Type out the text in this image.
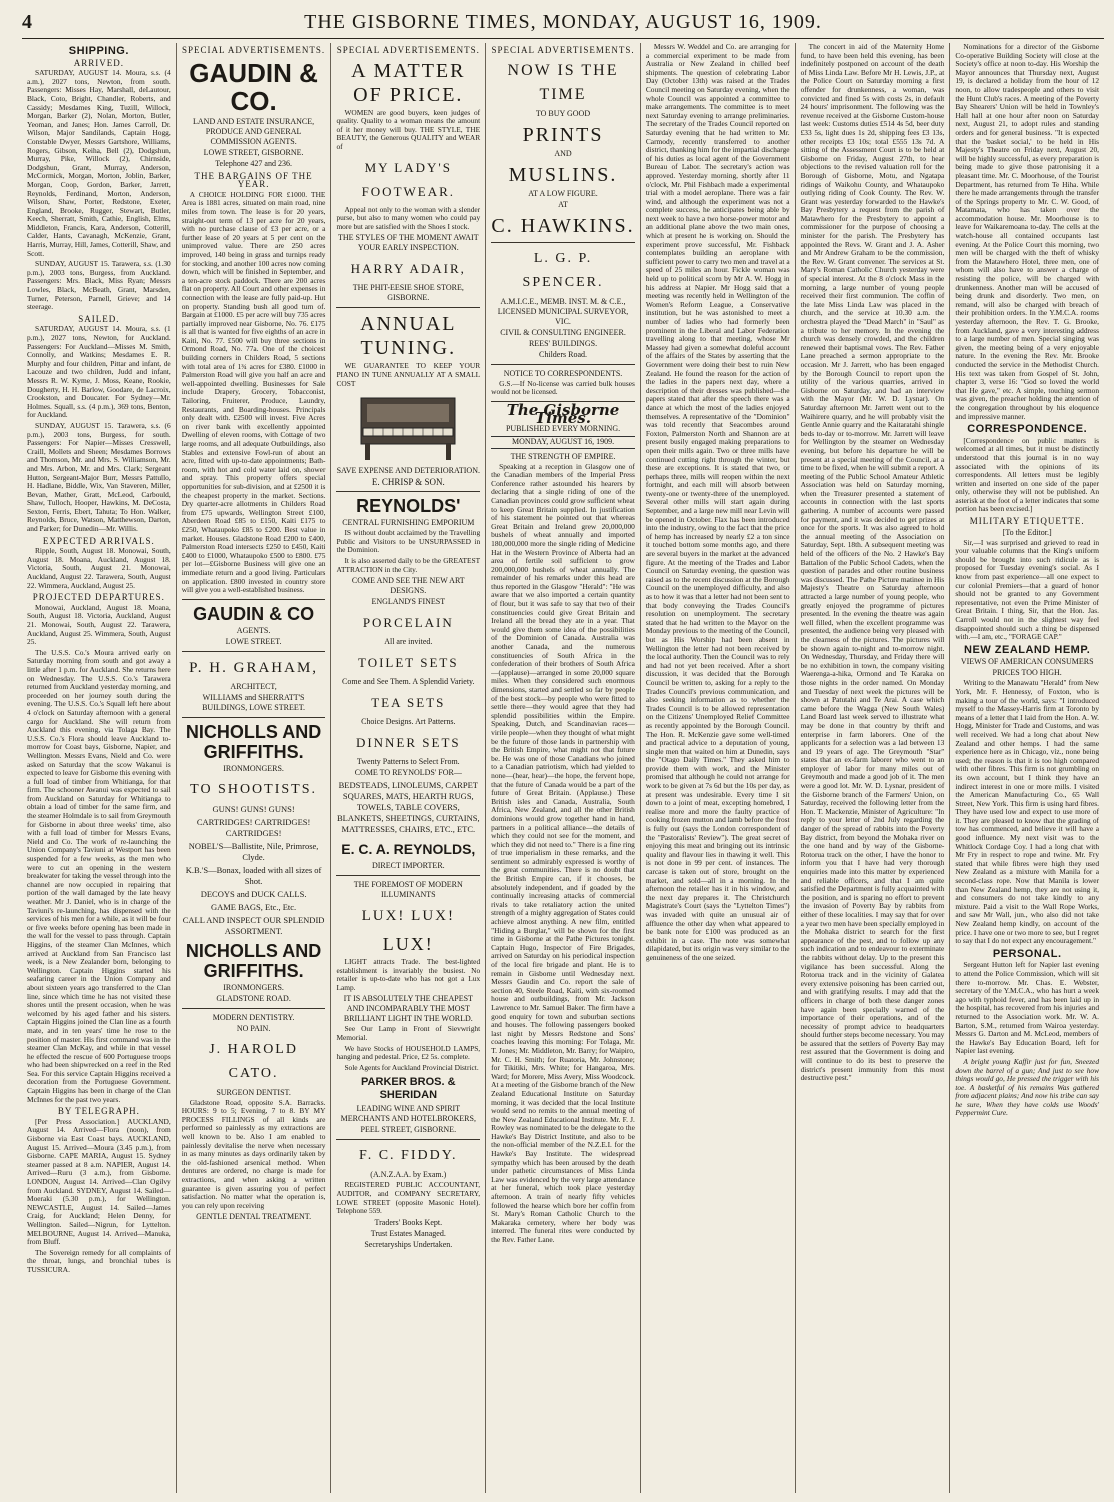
4	THE GISBORNE TIMES, MONDAY, AUGUST 16, 1909.
SHIPPING.
ARRIVED.

SATURDAY, AUGUST 14. Moura, s.s. (4 a.m.), 2027 tons, Newton, from south. Passengers: Misses Hay, Marshall, deLautour, Black, Coto, Bright, Chandler, Roberts, and Cassidy; Mesdames King, Tuzill, Willock, Morgan, Barker (2), Nolan, Morton, Butler, Yeoman, and Janes; Hon. James Carroll, Dr. Wilson, Major Sandilands, Captain Hogg, Constable Dwyer, Messrs Gartshore, Williams, Rogers, Gibson, Keiha, Bell (2), Dodgshun, Murray, Pike, Willock (2), Chirnside, Dodgshun, Grant, Murray, Anderson, McCormick, Morgan, Morton, Joblin, Barker, Morgan, Coop, Gordon, Barker, Jarrett, Reynolds, Ferdinand, Morton, Anderson, Wilson, Shaw, Porter, Redstone, Exeter, England, Brooke, Rugger, Stewart, Butler, Keech, Sherratt, Smith, Cathie, English, Elms, Middleton, Francis, Kara, Anderson, Cotterill, Calder, Hants, Cavanagh, McKenzie, Grant, Harris, Murray, Hill, James, Cotterill, Shaw, and Scott.

SUNDAY, AUGUST 15. Tarawera, s.s. (1.30 p.m.), 2003 tons, Burgess, from Auckland. Passengers: Mrs. Black, Miss Ryan; Messrs Lowles, Black, McBeath, Grant, Marsden, Turner, Peterson, Parnell, Grieve; and 14 steerage.

SAILED.

SATURDAY, AUGUST 14. Moura, s.s. (1 p.m.), 2027 tons, Newton, for Auckland. Passengers: For Auckland—Misses M. Smith, Connolly, and Watkins; Mesdames E. R. Murphy and four children, Pittar and infant, de Lacouze and two children, Judd and infant, Messrs R. W. Kyme, J. Moss, Keane, Rookie, Dougherty, H. H. Barlow, Goodare, de Lacroix, Crookston, and Doucater. For Sydney—Mr. Holmes. Squall, s.s. (4 p.m.), 369 tons, Benton, for Auckland.

SUNDAY, AUGUST 15. Tarawera, s.s. (6 p.m.), 2003 tons, Burgess, for south. Passengers: For Napier—Misses Cresswell, Craill, Mollets and Sheen; Mesdames Borrows and Thomson, Mr. and Mrs. S. Williamson, Mr. and Mrs. Arbon, Mr. and Mrs. Clark; Sergeant Hutton, Sergeant-Major Burr, Messrs Pattullo, H. Hadlane, Biddle, Wix, Van Staveren, Miller, Bevan, Mather, Gratt, McLeod, Carbould, Shaw, Tulloch, Hooper, Hawkins, M. DeCosta, Sexton, Ferris, Ebert, Tahuta; To Hon. Walker, Reynolds, Bruce, Watson, Matthewson, Darton, and Parker; for Dunedin—Mr. Willis.

EXPECTED ARRIVALS.

Ripple, South, August 18. Monowai, South, August 18. Moana, Auckland, August 18. Victoria, South, August 21. Monowai, Auckland, August 22. Tarawera, South, August 22. Wimmera, Auckland, August 25.

PROJECTED DEPARTURES.

Monowai, Auckland, August 18. Moana, South, August 18. Victoria, Auckland, August 21. Monowai, South, August 22. Tarawera, Auckland, August 25. Wimmera, South, August 25.

The U.S.S. Co.'s Moura arrived early on Saturday morning from south and got away a little after 1 p.m. for Auckland. She returns here on Wednesday. The U.S.S. Co.'s Tarawera returned from Auckland yesterday morning, and proceeded on her journey south during the evening. The U.S.S. Co.'s Squall left here about 4 o'clock on Saturday afternoon with a general cargo for Auckland. She will return from Auckland this evening, via Tolaga Bay. The U.S.S. Co.'s Flora should leave Auckland to-morrow for Coast bays, Gisborne, Napier, and Wellington. Messrs Evans, Nield and Co. were asked on Saturday that the scow Wakanui is expected to leave for Gisborne this evening with a full load of timber from Whitianga, for that firm. The schooner Awanui was expected to sail from Auckland on Saturday for Whitianga to obtain a load of timber for the same firm, and the steamer Holmdale is to sail from Greymouth for Gisborne in about three weeks' time, also with a full load of timber for Messrs Evans, Nield and Co. The work of re-launching the Union Company's Taviuni at Westport has been suspended for a few weeks, as the men who were to cut an opening in the western breakwater for taking the vessel through into the channel are now occupied in repairing that portion of the wall damaged by the late heavy weather. Mr J. Daniel, who is in charge of the Taviuni's re-launching, has dispensed with the services of his men for a while, as it will be four or five weeks before opening has been made in the wall for the vessel to pass through. Captain Higgins, of the steamer Clan McInnes, which arrived at Auckland from San Francisco last week, is a New Zealander born, belonging to Wellington. Captain Higgins started his seafaring career in the Union Company and about sixteen years ago transferred to the Clan line, since which time he has not visited these shores until the present occasion, when he was welcomed by his aged father and his sisters. Captain Higgins joined the Clan line as a fourth mate, and in ten years' time he rose to the position of master. His first command was in the steamer Clan McKay, and while in that vessel he effected the rescue of 600 Portuguese troops who had been shipwrecked on a reef in the Red Sea. For this service Captain Higgins received a decoration from the Portuguese Government. Captain Higgins has been in charge of the Clan McInnes for the past two years.

BY TELEGRAPH.

[Per Press Association.] AUCKLAND, August 14. Arrived—Flora (noon), from Gisborne via East Coast bays. AUCKLAND, August 15. Arrived—Moura (3.45 p.m.), from Gisborne. CAPE MARIA, August 15. Sydney steamer passed at 8 a.m. NAPIER, August 14. Arrived—Ruru (3 a.m.), from Gisborne. LONDON, August 14. Arrived—Clan Ogilvy from Auckland. SYDNEY, August 14. Sailed—Moeraki (5.30 p.m.), for Wellington. NEWCASTLE, August 14. Sailed—James Craig, for Auckland; Helen Denny, for Wellington. Sailed—Nigrun, for Lyttelton. MELBOURNE, August 14. Arrived—Manuka, from Bluff.

The Sovereign remedy for all complaints of the throat, lungs, and bronchial tubes is TUSSICURA.

SPECIAL ADVERTISEMENTS.
GAUDIN & CO.
LAND AND ESTATE INSURANCE, PRODUCE AND GENERAL COMMISSION AGENTS.
LOWE STREET, GISBORNE.
Telephone 427 and 236.
THE BARGAINS OF THE YEAR.

A CHOICE HOLDING FOR £1000. THE Area is 1881 acres, situated on main road, nine miles from town. The lease is for 20 years, straight-out term of 13 per acre for 20 years, with no purchase clause of £3 per acre, or a further lease of 20 years at 5 per cent on the unimproved value. There are 250 acres improved, 140 being in grass and turnips ready for stocking, and another 100 acres now coming down, which will be finished in September, and a ten-acre stock paddock. There are 200 acres flat on property. All Court and other expenses in connection with the lease are fully paid-up. Hut on property. Standing bush all good turn of. Bargain at £1000. £5 per acre will buy 735 acres partially improved near Gisborne, No. 76. £175 is all that is wanted for five eighths of an acre in Kaiti, No. 77. £500 will buy three sections in Ormond Road, No. 77a. One of the choicest building corners in Childers Road, 5 sections with total area of 1¾ acres for £380. £1000 in Palmerston Road will give you half an acre and well-appointed dwelling. Businesses for Sale include Drapery, Grocery, Tobacconist, Tailoring, Fruiterer, Produce, Laundry, Restaurants, and Boarding-houses. Principals only dealt with. £2500 will invest. Five Acres on river bank with excellently appointed Dwelling of eleven rooms, with Cottage of two large rooms, and all adequate Outbuildings, also Stables and extensive Fowl-run of about an acre, fitted with up-to-date appointments; Bath-room, with hot and cold water laid on, shower and spray. This property offers special opportunities for sub-division, and at £2500 it is the cheapest property in the market. Sections. Dry quarter-acre allotments in Childers Road from £75 upwards, Wellington Street £100, Aberdeen Road £85 to £150, Kaiti £175 to £250, Whataupoko £85 to £200. Best value in market. Houses. Gladstone Road £200 to £400, Palmerston Road intersects £250 to £450, Kaiti £400 to £1000, Whataupoko £500 to £800. £75 per lot—£Gisborne Business will give one an immediate return and a good living. Particulars on application. £800 invested in country store will give you a well-established business.

GAUDIN & CO
AGENTS.
LOWE STREET.
P. H. GRAHAM,
ARCHITECT,
WILLIAMS and SHERRATT'S BUILDINGS, LOWE STREET.
NICHOLLS AND GRIFFITHS.
IRONMONGERS.
TO SHOOTISTS.
GUNS! GUNS! GUNS!
CARTRIDGES! CARTRIDGES! CARTRIDGES!
NOBEL'S—Ballistite, Nile, Primrose, Clyde.
K.B.'S—Bonax, loaded with all sizes of Shot.
DECOYS and DUCK CALLS.
GAME BAGS, Etc., Etc.
CALL AND INSPECT OUR SPLENDID ASSORTMENT.
NICHOLLS AND GRIFFITHS.
IRONMONGERS.
GLADSTONE ROAD.
MODERN DENTISTRY.
NO PAIN.
J. HAROLD CATO.
SURGEON DENTIST.

Gladstone Road, opposite S.A. Barracks. HOURS: 9 to 5; Evening, 7 to 8. BY MY PROCESS FILLINGS of all kinds are performed so painlessly as my extractions are well known to be. Also I am enabled to painlessly devitalise the nerve when necessary in as many minutes as days ordinarily taken by the old-fashioned arsenical method. When dentures are ordered, no charge is made for extractions, and when asking a written guarantee is given assuring you of perfect satisfaction. No matter what the operation is, you can rely upon receiving

GENTLE DENTAL TREATMENT.
SPECIAL ADVERTISEMENTS.
A MATTER OF PRICE.

WOMEN are good buyers, keen judges of quality. Quality to a woman means the amount of it her money will buy. THE STYLE, THE BEAUTY, the Generous QUALITY and WEAR of

MY LADY'S FOOTWEAR.

Appeal not only to the woman with a slender purse, but also to many women who could pay more but are satisfied with the Shoes I stock.

THE STYLES OF THE MOMENT AWAIT YOUR EARLY INSPECTION.
HARRY ADAIR,
THE PHIT-EESIE SHOE STORE, GISBORNE.
ANNUAL TUNING.

WE GUARANTEE TO KEEP YOUR PIANO IN TUNE ANNUALLY AT A SMALL COST

SAVE EXPENSE AND DETERIORATION.
E. CHRISP & SON.
REYNOLDS'
CENTRAL FURNISHING EMPORIUM

IS without doubt acclaimed by the Travelling Public and Visitors to be UNSURPASSED in the Dominion.

It is also asserted daily to be the GREATEST ATTRACTION in the City.

COME AND SEE THE NEW ART DESIGNS.
ENGLAND'S FINEST
PORCELAIN
All are invited.
TOILET SETS
Come and See Them. A Splendid Variety.
TEA SETS
Choice Designs. Art Patterns.
DINNER SETS
Twenty Patterns to Select From.
COME TO REYNOLDS' FOR—
BEDSTEADS, LINOLEUMS, CARPET SQUARES, MATS, HEARTH RUGS, TOWELS, TABLE COVERS, BLANKETS, SHEETINGS, CURTAINS, MATTRESSES, CHAIRS, ETC., ETC.
E. C. A. REYNOLDS,
DIRECT IMPORTER.
THE FOREMOST OF MODERN ILLUMINANTS
LUX! LUX!
LUX!

LIGHT attracts Trade. The best-lighted establishment is invariably the busiest. No retailer is up-to-date who has not got a Lux Lamp.

IT IS ABSOLUTELY THE CHEAPEST AND INCOMPARABLY THE MOST BRILLIANT LIGHT IN THE WORLD.

See Our Lamp in Front of Sievwright Memorial.

We have Stocks of HOUSEHOLD LAMPS, hanging and pedestal. Price, £2 5s. complete.

Sole Agents for Auckland Provincial District.

PARKER BROS. & SHERIDAN
LEADING WINE AND SPIRIT MERCHANTS AND HOTELBROKERS,
PEEL STREET, GISBORNE.
F. C. FIDDY.
(A.N.Z.A.A. by Exam.)

REGISTERED PUBLIC ACCOUNTANT, AUDITOR, and COMPANY SECRETARY, LOWE STREET (opposite Masonic Hotel). Telephone 559.

Traders' Books Kept.
Trust Estates Managed.
Secretaryships Undertaken.
SPECIAL ADVERTISEMENTS.
NOW IS THE TIME
TO BUY GOOD
PRINTS
AND
MUSLINS.
AT A LOW FIGURE.
AT
C. HAWKINS.
L. G. P. SPENCER.
A.M.I.C.E., MEMB. INST. M. & C.E., LICENSED MUNICIPAL SURVEYOR, VIC.
CIVIL & CONSULTING ENGINEER.
REES' BUILDINGS.
Childers Road.
NOTICE TO CORRESPONDENTS.

G.S.—If No-license was carried bulk houses would not be licensed.

The Gisborne Times.
PUBLISHED EVERY MORNING.
MONDAY, AUGUST 16, 1909.
THE STRENGTH OF EMPIRE.

Speaking at a reception in Glasgow one of the Canadian members of the Imperial Press Conference rather astounded his hearers by declaring that a single riding of one of the Canadian provinces could grow sufficient wheat to keep Great Britain supplied. In justification of his statement he pointed out that whereas Great Britain and Ireland grew 20,000,000 bushels of wheat annually and imported 180,000,000 more the single riding of Medicine Hat in the Western Province of Alberta had an area of fertile soil sufficient to grow 200,000,000 bushels of wheat annually. The remainder of his remarks under this head are thus reported in the Glasgow "Herald": "He was aware that we also imported a certain quantity of flour, but it was safe to say that two of their constituencies could give Great Britain and Ireland all the bread they ate in a year. That would give them some idea of the possibilities of the Dominion of Canada. Australia was another Canada, and the numerous constituencies of South Africa in the confederation of their brothers of South Africa—(applause)—arranged in some 20,000 square miles. When they considered such enormous dimensions, started and settled so far by people of the best stock—by people who were fitted to settle there—they would agree that they had splendid possibilities within the Empire. Speaking, Dutch, and Scandinavian races—virile people—when they thought of what might be the future of those lands in partnership with the British Empire, what might not that future be. He was one of those Canadians who joined to a Canadian patriotism, which had yielded to none—(hear, hear)—the hope, the fervent hope, that the future of Canada would be a part of the future of Great Britain. (Applause.) These British isles and Canada, Australia, South Africa, New Zealand, and all the other British dominions would grow together hand in hand, partners in a political alliance—the details of which they could not see for the moment, and which they did not need to." There is a fine ring of true imperialism in these remarks, and the sentiment so admirably expressed is worthy of the great communities. There is no doubt that the British Empire can, if it chooses, be absolutely independent, and if goaded by the continually increasing attacks of commercial rivals to take retaliatory action the united strength of a mighty aggregation of States could achieve almost anything. A new film, entitled "Hiding a Burglar," will be shown for the first time in Gisborne at the Pathe Pictures tonight. Captain Hugo, Inspector of Fire Brigades, arrived on Saturday on his periodical inspection of the local fire brigade and plant. He is to remain in Gisborne until Wednesday next. Messrs Gaudin and Co. report the sale of section 40, Steele Road, Kaiti, with six-roomed house and outbuildings, from Mr. Jackson Lawrence to Mr. Samuel Baker. The firm have a good enquiry for town and suburban sections and houses. The following passengers booked last night by Messrs Redstone and Sons' coaches leaving this morning: For Tolaga, Mr. T. Jones; Mr. Middleton, Mr. Barry; for Waipiro, Mr. C. H. Smith; for Ruatoria, Mr. Johnstone; for Tikitiki, Mrs. White; for Hangaroa, Mrs. Ward; for Morere, Miss Avery, Miss Woodcock. At a meeting of the Gisborne branch of the New Zealand Educational Institute on Saturday morning, it was decided that the local Institute would send no remits to the annual meeting of the New Zealand Educational Institute. Mr. F. J. Rowley was nominated to be the delegate to the Hawke's Bay District Institute, and also to be the non-official member of the N.Z.E.I. for the Hawke's Bay Institute. The widespread sympathy which has been aroused by the death under pathetic circumstances of Miss Linda Law was evidenced by the very large attendance at her funeral, which took place yesterday afternoon. A train of nearly fifty vehicles followed the hearse which bore her coffin from St. Mary's Roman Catholic Church to the Makaraka cemetery, where her body was interred. The funeral rites were conducted by the Rev. Father Lane.

Messrs W. Weddel and Co. are arranging for a commercial experiment to be made from Australia or New Zealand in chilled beef shipments. The question of celebrating Labor Day (October 13th) was raised at the Trades Council meeting on Saturday evening, when the whole Council was appointed a committee to make arrangements. The committee is to meet next Saturday evening to arrange preliminaries. The secretary of the Trades Council reported on Saturday evening that he had written to Mr. Carmody, recently transferred to another district, thanking him for the impartial discharge of his duties as local agent of the Government Bureau of Labor. The secretary's action was approved. Yesterday morning, shortly after 11 o'clock, Mr. Phil Fishbach made a experimental trial with a model aeroplane. There was a fair wind, and although the experiment was not a complete success, he anticipates being able by next week to have a two horse-power motor and an additional plane above the two main ones, which at present he is working on. Should the experiment prove successful, Mr. Fishback contemplates building an aeroplane with sufficient power to carry two men and travel at a speed of 25 miles an hour. Fickle woman was held up to political scorn by Mr A. W. Hogg in his address at Napier. Mr Hogg said that a meeting was recently held in Wellington of the Women's Reform League, a Conservative institution, but he was astonished to meet a number of ladies who had formerly been prominent in the Liberal and Labor Federation travelling along to that meeting, whose Mr Massey had given a somewhat doleful account of the affairs of the States by asserting that the Government were doing their best to ruin New Zealand. He found the reason for the action of the ladies in the papers next day, where a description of their dresses was published—the papers stated that after the speech there was a dance at which the most of the ladies enjoyed themselves. A representative of the "Dominion" was told recently that Seacombes around Foxton, Palmerston North and Shannon are at present busily engaged making preparations to open their mills again. Two or three mills have continued cutting right through the winter, but these are exceptions. It is stated that two, or perhaps three, mills will reopen within the next fortnight, and each mill will absorb between twenty-one or twenty-three of the unemployed. Several other mills will start again during September, and a large new mill near Levin will be opened in October. Flax has been introduced into the industry, owing to the fact that the price of hemp has increased by nearly £2 a ton since it touched bottom some months ago, and there are several buyers in the market at the advanced figure. At the meeting of the Trades and Labor Council on Saturday evening, the question was raised as to the recent discussion at the Borough Council on the unemployed difficulty, and also as to how it was that a letter had not been sent to that body conveying the Trades Council's resolution on unemployment. The secretary stated that he had written to the Mayor on the Monday previous to the meeting of the Council, but as His Worship had been absent in Wellington the letter had not been received by the local authority. Then the Council was to rely and had not yet been received. After a short discussion, it was decided that the Borough Council be written to, asking for a reply to the Trades Council's previous communication, and also seeking information as to whether the Trades Council is to be allowed representation on the Citizens' Unemployed Relief Committee as recently appointed by the Borough Council. The Hon. R. McKenzie gave some well-timed and practical advice to a deputation of young, single men that waited on him at Dunedin, says the "Otago Daily Times." They asked him to provide them with work, and the Minister promised that although he could not arrange for work to be given at 7s 6d but the 10s per day, as at present was undesirable. Every time I sit down to a joint of meat, excepting homebred, I realise more and more the faulty practice of cooking frozen mutton and lamb before the frost is fully out (says the London correspondent of the "Pastoralists' Review"). The great secret of enjoying this meat and bringing out its intrinsic quality and flavour lies in thawing it well. This is not done in 99 per cent. of instances. The carcase is taken out of store, brought on the market, and sold—all in a morning. In the afternoon the retailer has it in his window, and the next day prepares it. The Christchurch Magistrate's Court (says the "Lyttelton Times") was invaded with quite an unusual air of affluence the other day when what appeared to be bank note for £100 was produced as an exhibit in a case. The note was somewhat dilapidated, but its origin was very similar to the genuineness of the one seized.

The concert in aid of the Maternity Home fund, to have been held this evening, has been indefinitely postponed on account of the death of Miss Linda Law. Before Mr H. Lewis, J.P., at the Police Court on Saturday morning a first offender for drunkenness, a woman, was convicted and fined 5s with costs 2s, in default 24 hours' imprisonment. The following was the revenue received at the Gisborne Custom-house last week: Customs duties £514 4s 5d, beer duty £33 5s, light dues 1s 2d, shipping fees £3 13s, other receipts £3 10s; total £555 13s 7d. A sitting of the Assessment Court is to be held at Gisborne on Friday, August 27th, to hear objections to the revised valuation roll for the Borough of Gisborne, Motu, and Ngatapa ridings of Waikohu County, and Whataupoko outlying riding of Cook County. The Rev. W. Grant was yesterday forwarded to the Hawke's Bay Presbytery a request from the parish of Matawhero for the Presbytery to appoint a commissioner for the purpose of choosing a minister for the parish. The Presbytery has appointed the Revs. W. Grant and J. A. Asher and Mr Andrew Graham to be the commission, the Rev. W. Grant convener. The services at St. Mary's Roman Catholic Church yesterday were of special interest. At the 8 o'clock Mass in the morning, a large number of young people received their first communion. The coffin of the late Miss Linda Law was placed in the church, and the service at 10.30 a.m. the orchestra played the "Dead March" in "Saul" as a tribute to her memory. In the evening the church was densely crowded, and the children renewed their baptismal vows. The Rev. Father Lane preached a sermon appropriate to the occasion. Mr J. Jarrett, who has been engaged by the Borough Council to report upon the utility of the various quarries, arrived in Gisborne on Saturday, and had an interview with the Mayor (Mr. W. D. Lysnar). On Saturday afternoon Mr. Jarrett went out to the Waihirere quarry, and he will probably visit the Gentle Annie quarry and the Kaitaratahi shingle beds to-day or to-morrow. Mr. Jarrett will leave for Wellington by the steamer on Wednesday evening, but before his departure he will be present at a special meeting of the Council, at a time to be fixed, when he will submit a report. A meeting of the Public School Amateur Athletic Association was held on Saturday morning, when the Treasurer presented a statement of accounts in connection with the last sports gathering. A number of accounts were passed for payment, and it was decided to get prizes at once for the sports. It was also agreed to hold the annual meeting of the Association on Saturday, Sept. 18th. A subsequent meeting was held of the officers of the No. 2 Hawke's Bay Battalion of the Public School Cadets, when the question of parades and other routine business was discussed. The Pathe Picture matinee in His Majesty's Theatre on Saturday afternoon attracted a large number of young people, who greatly enjoyed the programme of pictures presented. In the evening the theatre was again well filled, when the excellent programme was presented, the audience being very pleased with the clearness of the pictures. The pictures will be shown again to-night and to-morrow night. On Wednesday, Thursday, and Friday there will be no exhibition in town, the company visiting Waerenga-a-hika, Ormond and Te Karaka on those nights in the order named. On Monday and Tuesday of next week the pictures will be shown at Patutahi and Te Arai. A case which came before the Wagga (New South Wales) Land Board last week served to illustrate what may be done in that country by thrift and enterprise in farm laborers. One of the applicants for a selection was a lad between 13 and 19 years of age. The Greymouth "Star" states that an ex-farm laborer who went to an employer of labor for many miles out of Greymouth and made a good job of it. The men were a good lot. Mr. W. D. Lysnar, president of the Gisborne branch of the Farmers' Union, on Saturday, received the following letter from the Hon. T. Mackenzie, Minister of Agriculture: "In reply to your letter of 2nd July regarding the danger of the spread of rabbits into the Poverty Bay district, from beyond the Mohaka river on the one hand and by way of the Gisborne-Rotorua track on the other, I have the honor to inform you that I have had very thorough enquiries made into this matter by experienced and reliable officers, and that I am quite satisfied the Department is fully acquainted with the position, and is sparing no effort to prevent the invasion of Poverty Bay by rabbits from either of these localities. I may say that for over a year two men have been specially employed in the Mohaka district to search for the first appearance of the pest, and to follow up any such indication and to endeavour to exterminate the rabbits without delay. Up to the present this vigilance has been successful. Along the Rotorua track and in the vicinity of Galatea every extensive poisoning has been carried out, and with gratifying results. I may add that the officers in charge of both these danger zones have again been specially warned of the importance of their operations, and of the necessity of prompt advice to headquarters should further steps become necessary. You may be assured that the settlers of Poverty Bay may rest assured that the Government is doing and will continue to do its best to preserve the district's present immunity from this most destructive pest."

Nominations for a director of the Gisborne Co-operative Building Society will close at the Society's office at noon to-day. His Worship the Mayor announces that Thursday next, August 19, is declared a holiday from the hour of 12 noon, to allow tradespeople and others to visit the Hunt Club's races. A meeting of the Poverty Bay Shearers' Union will be held in Townley's Hall hall at one hour after noon on Saturday next, August 21, to adopt rules and standing orders and for general business. "It is expected that the 'basket social,' to be held in His Majesty's Theatre on Friday next, August 20, will be highly successful, as every preparation is being made to give those patronising it a pleasant time. Mr. C. Moorhouse, of the Tourist Department, has returned from Te Hiha. While there he made arrangements through the transfer of the Springs property to Mr. C. W. Good, of Matamata, who has taken over the accommodation house. Mr. Moorhouse is to leave for Waikaremoana to-day. The cells at the watch-house all contained occupants last evening. At the Police Court this morning, two men will be charged with the theft of whisky from the Matawhero Hotel, three men, one of whom will also have to answer a charge of resisting the police, will be charged with drunkenness. Another man will be accused of being drunk and disorderly. Two men, on remand, will also be charged with breach of their prohibition orders. In the Y.M.C.A. rooms yesterday afternoon, the Rev. T. G. Brooke, from Auckland, gave a very interesting address to a large number of men. Special singing was given, the meeting being of a very enjoyable nature. In the evening the Rev. Mr. Brooke conducted the service in the Methodist Church. His text was taken from Gospel of St. John, chapter 3, verse 16: "God so loved the world that He gave," etc. A simple, touching sermon was given, the preacher holding the attention of the congregation throughout by his eloquence and impressive manner.

CORRESPONDENCE.

[Correspondence on public matters is welcomed at all times, but it must be distinctly understood that this journal is in no way associated with the opinions of its correspondents. All letters must be legibly written and inserted on one side of the paper only, otherwise they will not be published. An asterisk at the foot of a letter indicates that some portion has been excised.]

MILITARY ETIQUETTE.
[To the Editor.]

Sir,—I was surprised and grieved to read in your valuable columns that the King's uniform should be brought into such ridicule as is proposed for Tuesday evening's social. As I know from past experience—all one expect to cur colonial Premiers—that a guard of honor should not be granted to any Government representative, not even the Prime Minister of Great Britain. I thing, Sir, that the Hon. Jas. Carroll would not in the slightest way feel disappointed should such a thing be dispensed with.—I am, etc., "FORAGE CAP."

NEW ZEALAND HEMP.
VIEWS OF AMERICAN CONSUMERS
PRICES TOO HIGH.

Writing to the Manawatu "Herald" from New York, Mr. F. Hennessy, of Foxton, who is making a tour of the world, says: "I introduced myself to the Massey-Harris firm at Toronto by means of a letter that I laid from the Hon. A. W. Hogg, Minister for Trade and Customs, and was well received. We had a long chat about New Zealand and other hemps. I had the same experience here as in Chicago, viz., none being used; the reason is that it is too high compared with other fibres. This firm is not grumbling on its own account, but I think they have an indirect interest in one or more mills. I visited the American Manufacturing Co., 65 Wall Street, New York. This firm is using hard fibres. They have used low and expect to use more of it. They are pleased to know that the grading of tow has commenced, and believe it will have a good influence. My next visit was to the Whitlock Cordage Coy. I had a long chat with Mr Fry in respect to rope and twine. Mr. Fry stated that while fibres were high they used New Zealand as a mixture with Manila for a second-class rope. Now that Manila is lower than New Zealand hemp, they are not using it, and consumers do not take kindly to any mixture. Paid a visit to the Wall Rope Works, and saw Mr Wall, jun., who also did not take New Zealand hemp kindly, on account of the price. I have one or two more to see, but I regret to say that I do not expect any encouragement."

PERSONAL.

Sergeant Hutton left for Napier last evening to attend the Police Commission, which will sit there to-morrow. Mr. Chas. E. Webster, secretary of the Y.M.C.A., who has hurt a week ago with typhoid fever, and has been laid up in the hospital, has recovered from his injuries and returned to the Association work. Mr. W. A. Barton, S.M., returned from Wairoa yesterday. Messrs G. Darton and M. McLeod, members of the Hawke's Bay Education Board, left for Napier last evening.

A bright young Kaffir just for fun, Sneezed down the barrel of a gun; And just to see how things would go, He pressed the trigger with his toe. A basketful of his remains Was gathered from adjacent plains; And now his tribe can say he sure, When they have colds use Woods' Peppermint Cure.
